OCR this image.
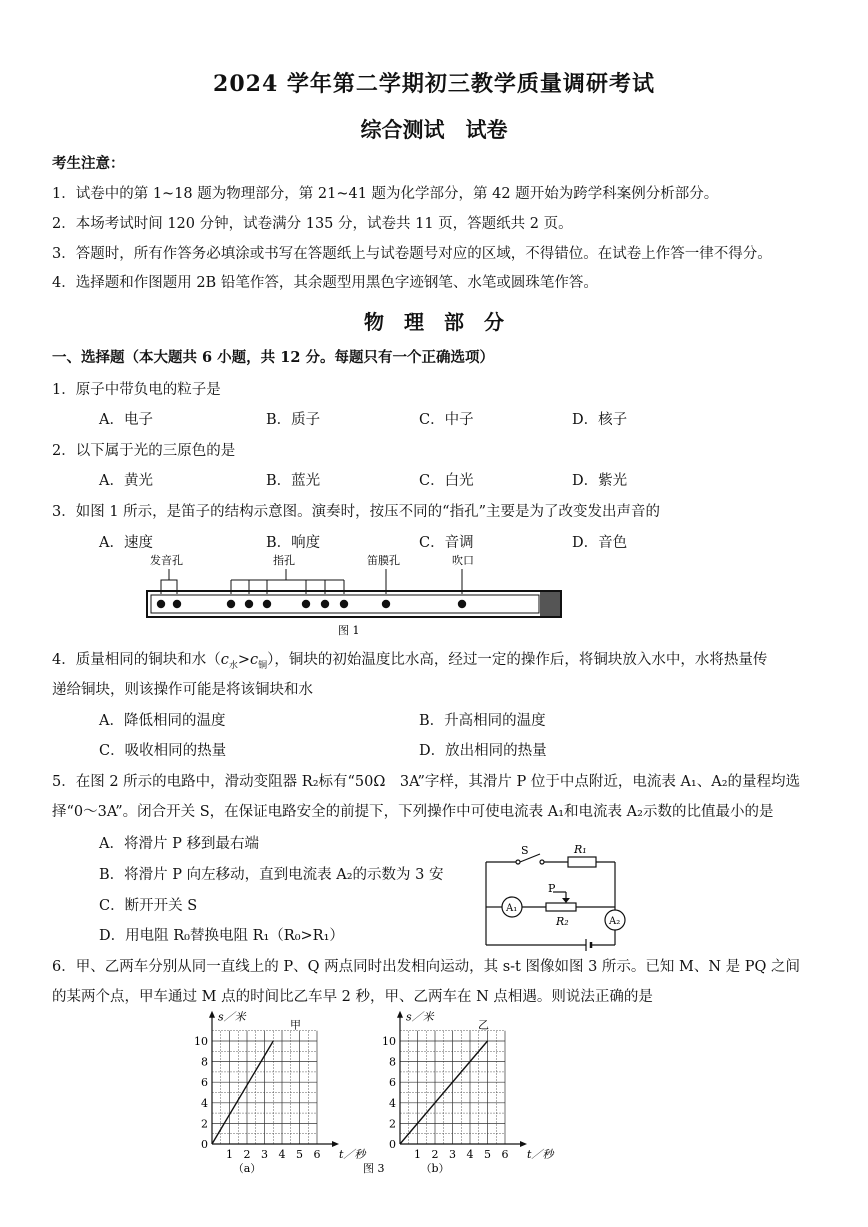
2024 学年第二学期初三教学质量调研考试
综合测试　试卷
考生注意：
1．试卷中的第 1~18 题为物理部分，第 21~41 题为化学部分，第 42 题开始为跨学科案例分析部分。
2．本场考试时间 120 分钟，试卷满分 135 分，试卷共 11 页，答题纸共 2 页。
3．答题时，所有作答务必填涂或书写在答题纸上与试卷题号对应的区域，不得错位。在试卷上作答一律不得分。
4．选择题和作图题用 2B 铅笔作答，其余题型用黑色字迹钢笔、水笔或圆珠笔作答。
物　理　部　分
一、选择题（本大题共 6 小题，共 12 分。每题只有一个正确选项）
1．原子中带负电的粒子是
A．电子	B．质子	C．中子	D．核子
2．以下属于光的三原色的是
A．黄光	B．蓝光	C．白光	D．紫光
3．如图 1 所示，是笛子的结构示意图。演奏时，按压不同的“指孔”主要是为了改变发出声音的
A．速度	B．响度	C．音调	D．音色
发音孔	指孔	笛膜孔	吹口
图 1
4．质量相同的铜块和水$(c_水>c_铜)$，铜块的初始温度比水高，经过一定的操作后，将铜块放入水中，水将热量传
递给铜块，则该操作可能是将该铜块和水
A．降低相同的温度	B．升高相同的温度
C．吸收相同的热量	D．放出相同的热量
5．在图 2 所示的电路中，滑动变阻器 R₂标有“50Ω　3A”字样，其滑片 P 位于中点附近，电流表 A₁、A₂的量程均选
择“0～3A”。闭合开关 S，在保证电路安全的前提下，下列操作中可使电流表 A₁和电流表 A₂示数的比值最小的是
A．将滑片 P 移到最右端
B．将滑片 P 向左移动，直到电流表 A₂的示数为 3 安
C．断开开关 S
D．用电阻 R₀替换电阻 R₁（R₀>R₁）
S	R₁
P
R₂
A₁
A₂
6．甲、乙两车分别从同一直线上的 P、Q 两点同时出发相向运动，其 s-t 图像如图 3 所示。已知 M、N 是 PQ 之间
的某两个点，甲车通过 M 点的时间比乙车早 2 秒，甲、乙两车在 N 点相遇。则说法正确的是
图 3
10
8
6
4
2
0
1 2 3 4 5 6
s／米
t／秒
甲
（a）
10
8
6
4
2
0
1 2 3 4 5 6
s／米
t／秒
乙
（b）
